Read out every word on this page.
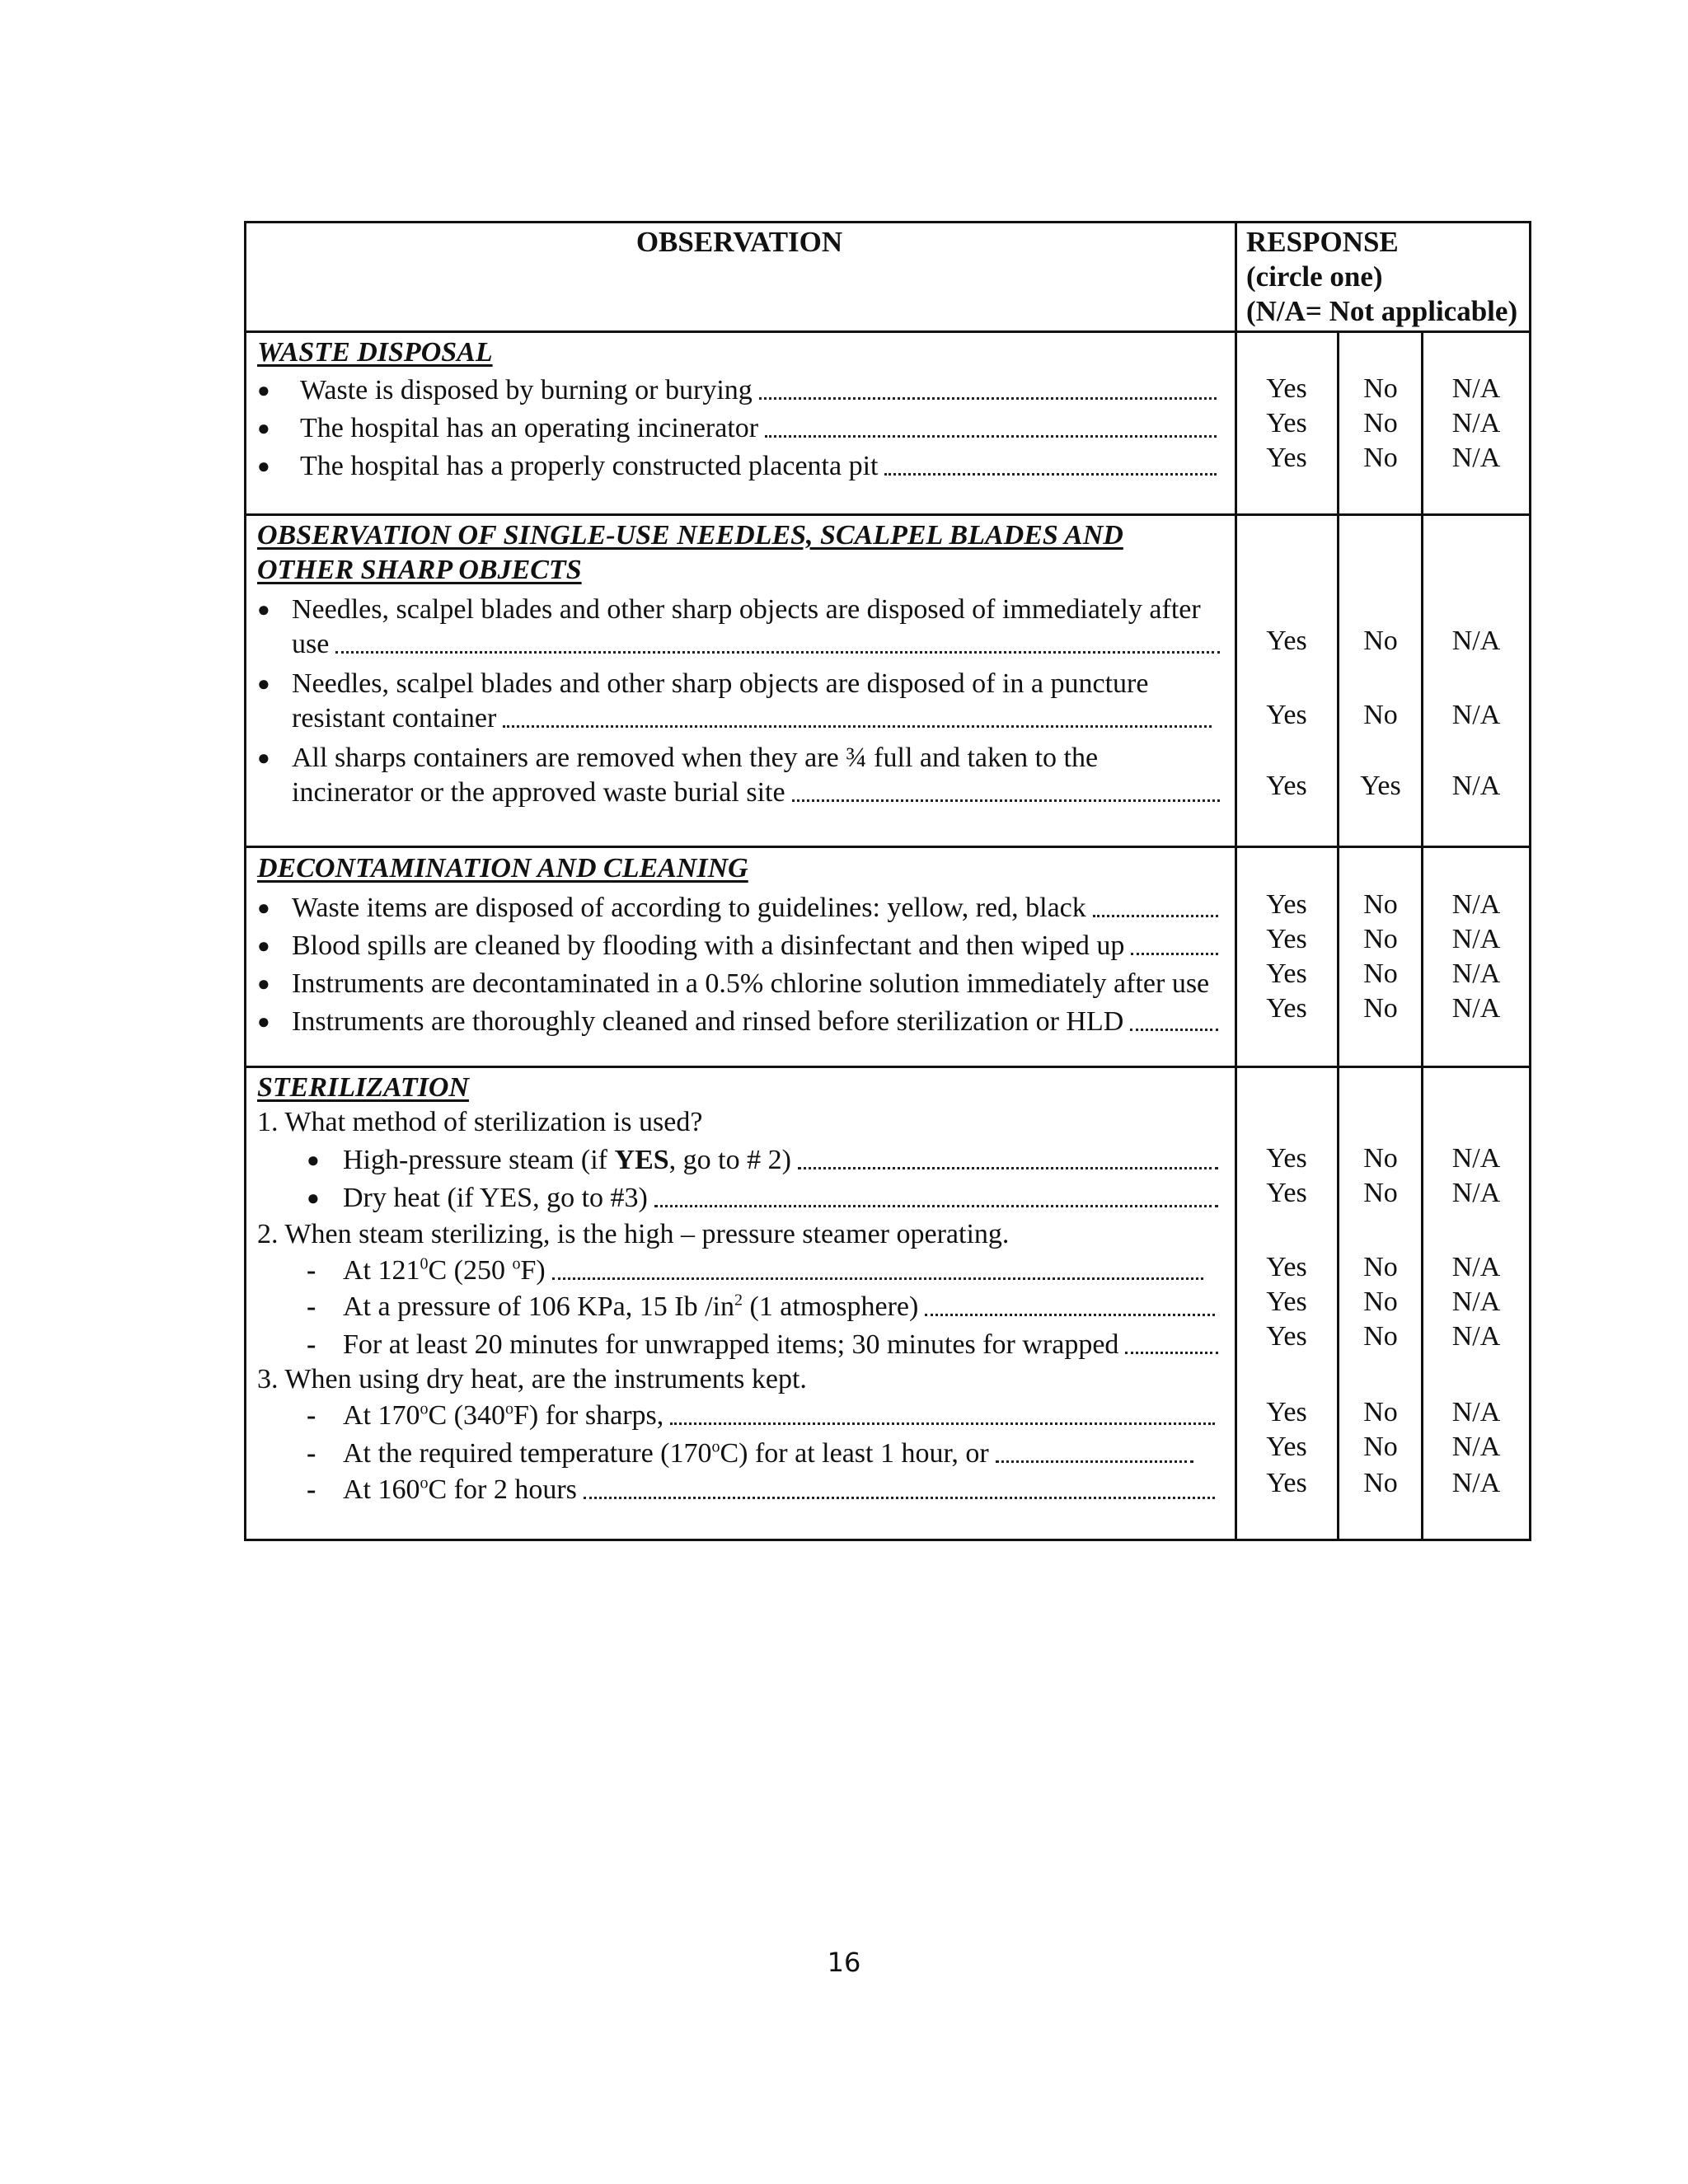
OBSERVATION	RESPONSE
(circle one)
(N/A= Not applicable)
WASTE DISPOSAL
● Waste is disposed by burning or burying	Yes	No	N/A
● The hospital has an operating incinerator	Yes	No	N/A
● The hospital has a properly constructed placenta pit	Yes	No	N/A
OBSERVATION OF SINGLE-USE NEEDLES, SCALPEL BLADES AND
OTHER SHARP OBJECTS
● Needles, scalpel blades and other sharp objects are disposed of immediately after
use	Yes	No	N/A
● Needles, scalpel blades and other sharp objects are disposed of in a puncture
resistant container	Yes	No	N/A
● All sharps containers are removed when they are ¾ full and taken to the
incinerator or the approved waste burial site	Yes	Yes	N/A
DECONTAMINATION AND CLEANING
● Waste items are disposed of according to guidelines: yellow, red, black	Yes	No	N/A
● Blood spills are cleaned by flooding with a disinfectant and then wiped up	Yes	No	N/A
● Instruments are decontaminated in a 0.5% chlorine solution immediately after use	Yes	No	N/A
● Instruments are thoroughly cleaned and rinsed before sterilization or HLD	Yes	No	N/A
STERILIZATION
1. What method of sterilization is used?
● High-pressure steam (if YES, go to # 2)	Yes	No	N/A
● Dry heat (if YES, go to #3)	Yes	No	N/A
2. When steam sterilizing, is the high – pressure steamer operating.
- At $121^0C$ (250 $^o$F)	Yes	No	N/A
- At a pressure of 106 KPa, 15 Ib $/in^2$ (1 atmosphere)	Yes	No	N/A
- For at least 20 minutes for unwrapped items; 30 minutes for wrapped	Yes	No	N/A
3. When using dry heat, are the instruments kept.
- At 170$^o$C (340$^o$F) for sharps,	Yes	No	N/A
- At the required temperature (170$^o$C) for at least 1 hour, or	Yes	No	N/A
- At 160$^o$C for 2 hours	Yes	No	N/A
16
